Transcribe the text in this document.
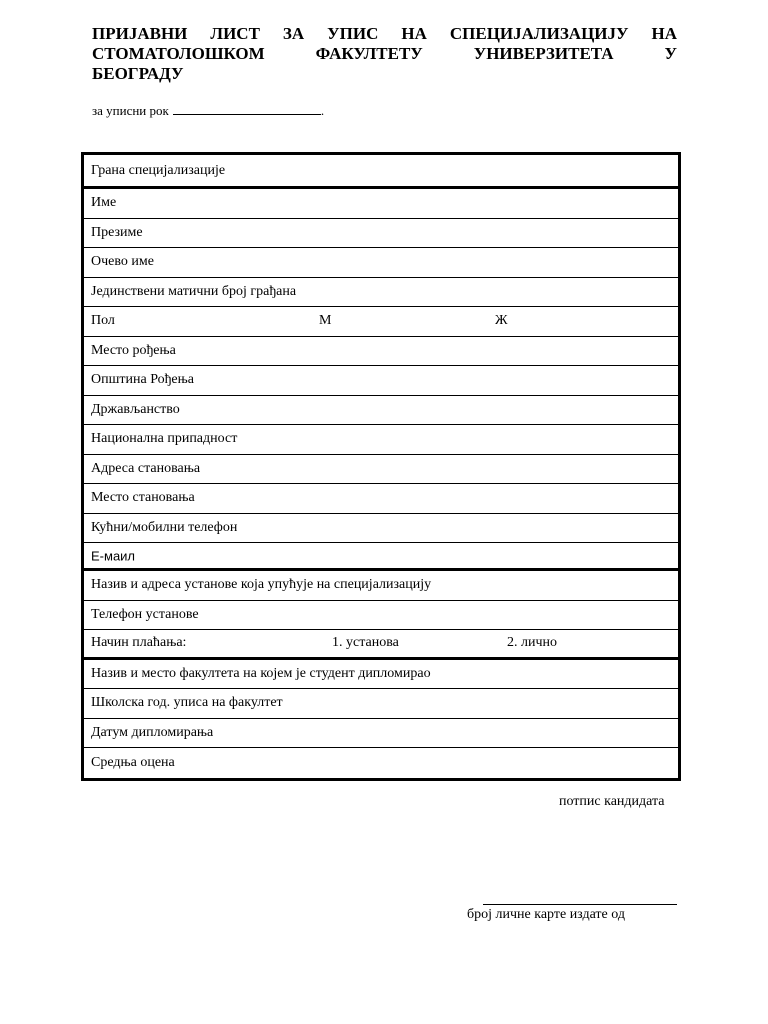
ПРИЈАВНИ ЛИСТ ЗА УПИС НА СПЕЦИЈАЛИЗАЦИЈУ НА
СТОМАТОЛОШКОМ	ФАКУЛТЕТУ	УНИВЕРЗИТЕТА	У
БЕОГРАДУ
за уписни рок	.
Грана специјализације
Име
Презиме
Очево име
Јединствени матични број грађана
Пол	М	Ж
Место рођења
Општина Рођења
Држављанство
Национална припадност
Адреса становања
Место становања
Кућни/мобилни телефон
Е-маил
Назив и адреса установе која упућује на специјализацију
Телефон установе
Начин плаћања:	1. установа	2. лично
Назив и место факултета на којем је студент дипломирао
Школска год. уписа на факултет
Датум дипломирања
Средња оцена
потпис кандидата
број личне карте издате од
